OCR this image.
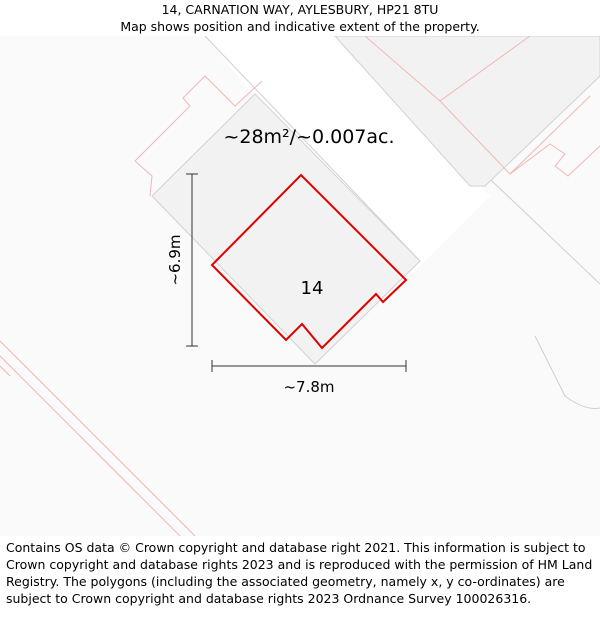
14, CARNATION WAY, AYLESBURY, HP21 8TU
Map shows position and indicative extent of the property.
~28m²/~0.007ac.
14
~6.9m
~7.8m
Contains OS data © Crown copyright and database right 2021. This information is subject to Crown copyright and database rights 2023 and is reproduced with the permission of HM Land Registry. The polygons (including the associated geometry, namely x, y co-ordinates) are subject to Crown copyright and database rights 2023 Ordnance Survey 100026316.
